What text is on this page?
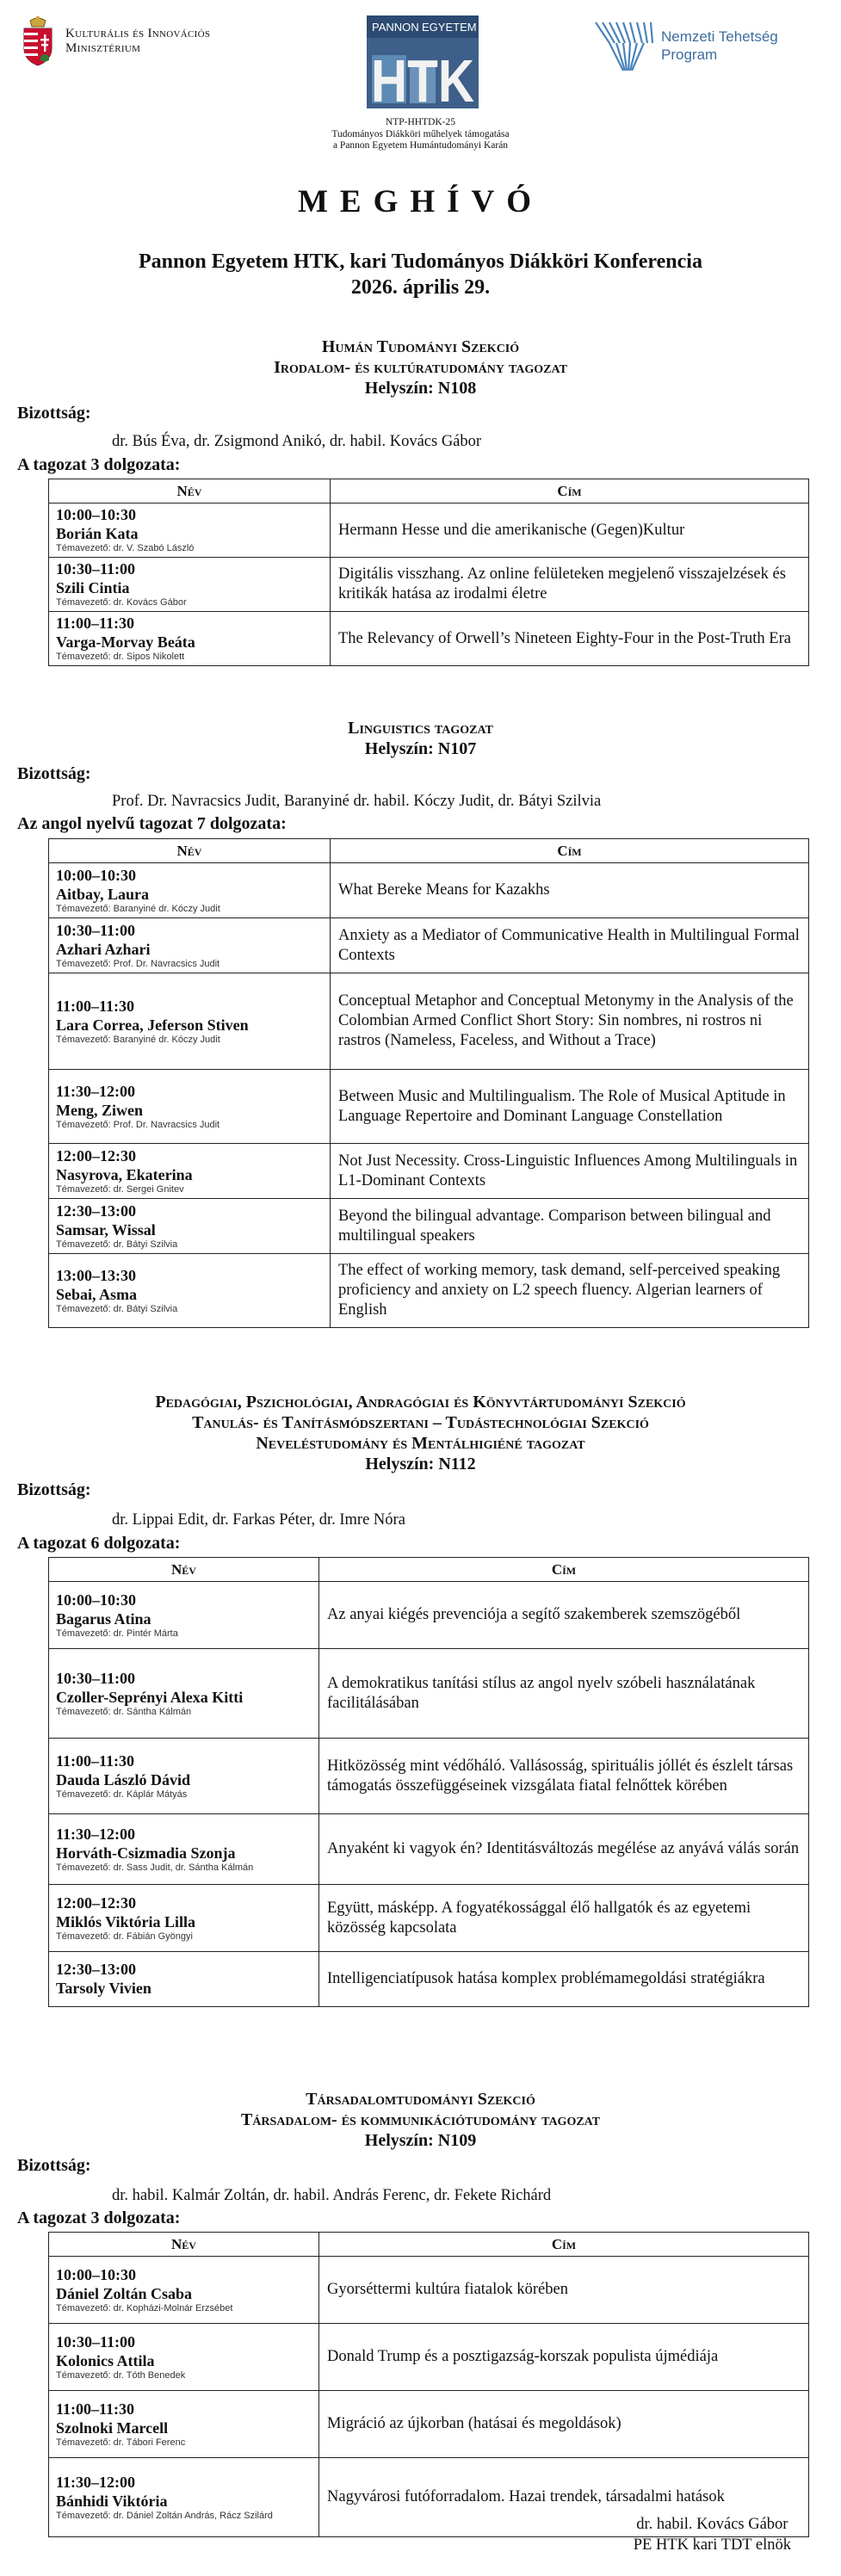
Kulturális és Innovációs
Minisztérium
PANNON EGYETEM
HTK
Nemzeti Tehetség
Program
NTP-HHTDK-25
Tudományos Diákköri műhelyek támogatása
a Pannon Egyetem Humántudományi Karán
MEGHÍVÓ
Pannon Egyetem HTK, kari Tudományos Diákköri Konferencia
2026. április 29.
Humán Tudományi Szekció
Irodalom- és kultúratudomány tagozat
Helyszín: N108
Bizottság:
dr. Bús Éva, dr. Zsigmond Anikó, dr. habil. Kovács Gábor
A tagozat 3 dolgozata:
Név	Cím

10:00–10:30
Borián Kata
Témavezető: dr. V. Szabó László	Hermann Hesse und die amerikanische (Gegen)Kultur

10:30–11:00
Szili Cintia
Témavezető: dr. Kovács Gábor	Digitális visszhang. Az online felületeken megjelenő visszajelzések és kritikák hatása az irodalmi életre

11:00–11:30
Varga-Morvay Beáta
Témavezető: dr. Sipos Nikolett	The Relevancy of Orwell’s Nineteen Eighty-Four in the Post-Truth Era
Linguistics tagozat
Helyszín: N107
Bizottság:
Prof. Dr. Navracsics Judit, Baranyiné dr. habil. Kóczy Judit, dr. Bátyi Szilvia
Az angol nyelvű tagozat 7 dolgozata:
Név	Cím

10:00–10:30
Aitbay, Laura
Témavezető: Baranyiné dr. Kóczy Judit	What Bereke Means for Kazakhs

10:30–11:00
Azhari Azhari
Témavezető: Prof. Dr. Navracsics Judit	Anxiety as a Mediator of Communicative Health in Multilingual Formal Contexts

11:00–11:30
Lara Correa, Jeferson Stiven
Témavezető: Baranyiné dr. Kóczy Judit	Conceptual Metaphor and Conceptual Metonymy in the Analysis of the Colombian Armed Conflict Short Story: Sin nombres, ni rostros ni rastros (Nameless, Faceless, and Without a Trace)

11:30–12:00
Meng, Ziwen
Témavezető: Prof. Dr. Navracsics Judit	Between Music and Multilingualism. The Role of Musical Aptitude in Language Repertoire and Dominant Language Constellation

12:00–12:30
Nasyrova, Ekaterina
Témavezető: dr. Sergei Gnitev	Not Just Necessity. Cross-Linguistic Influences Among Multilinguals in L1-Dominant Contexts

12:30–13:00
Samsar, Wissal
Témavezető: dr. Bátyi Szilvia	Beyond the bilingual advantage. Comparison between bilingual and multilingual speakers

13:00–13:30
Sebai, Asma
Témavezető: dr. Bátyi Szilvia	The effect of working memory, task demand, self-perceived speaking proficiency and anxiety on L2 speech fluency. Algerian learners of English
Pedagógiai, Pszichológiai, Andragógiai és Könyvtártudományi Szekció
Tanulás- és Tanításmódszertani – Tudástechnológiai Szekció
Neveléstudomány és Mentálhigiéné tagozat
Helyszín: N112
Bizottság:
dr. Lippai Edit, dr. Farkas Péter, dr. Imre Nóra
A tagozat 6 dolgozata:
Név	Cím

10:00–10:30
Bagarus Atina
Témavezető: dr. Pintér Márta	Az anyai kiégés prevenciója a segítő szakemberek szemszögéből

10:30–11:00
Czoller-Seprényi Alexa Kitti
Témavezető: dr. Sántha Kálmán	A demokratikus tanítási stílus az angol nyelv szóbeli használatának facilitálásában

11:00–11:30
Dauda László Dávid
Témavezető: dr. Káplár Mátyás	Hitközösség mint védőháló. Vallásosság, spirituális jóllét és észlelt társas támogatás összefüggéseinek vizsgálata fiatal felnőttek körében

11:30–12:00
Horváth-Csizmadia Szonja
Témavezető: dr. Sass Judit, dr. Sántha Kálmán	Anyaként ki vagyok én? Identitásváltozás megélése az anyává válás során

12:00–12:30
Miklós Viktória Lilla
Témavezető: dr. Fábián Gyöngyi	Együtt, másképp. A fogyatékossággal élő hallgatók és az egyetemi közösség kapcsolata

12:30–13:00
Tarsoly Vivien	Intelligenciatípusok hatása komplex problémamegoldási stratégiákra
Társadalomtudományi Szekció
Társadalom- és kommunikációtudomány tagozat
Helyszín: N109
Bizottság:
dr. habil. Kalmár Zoltán, dr. habil. András Ferenc, dr. Fekete Richárd
A tagozat 3 dolgozata:
Név	Cím

10:00–10:30
Dániel Zoltán Csaba
Témavezető: dr. Kopházi-Molnár Erzsébet	Gyorséttermi kultúra fiatalok körében

10:30–11:00
Kolonics Attila
Témavezető: dr. Tóth Benedek	Donald Trump és a posztigazság-korszak populista újmédiája

11:00–11:30
Szolnoki Marcell
Témavezető: dr. Tábori Ferenc	Migráció az újkorban (hatásai és megoldások)

11:30–12:00
Bánhidi Viktória
Témavezető: dr. Dániel Zoltán András, Rácz Szilárd	Nagyvárosi futóforradalom. Hazai trendek, társadalmi hatások
dr. habil. Kovács Gábor
PE HTK kari TDT elnök
